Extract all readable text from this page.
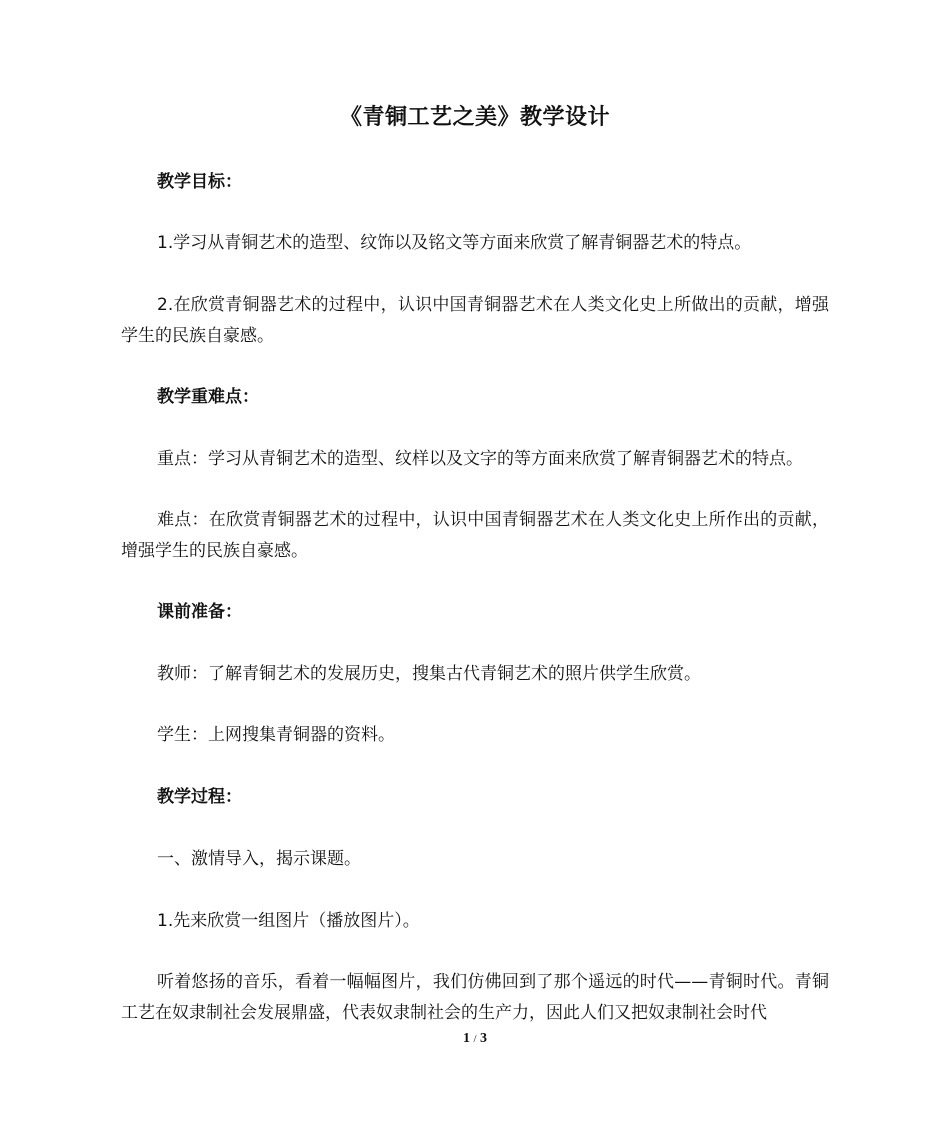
《青铜工艺之美》教学设计

教学目标：

1.学习从青铜艺术的造型、纹饰以及铭文等方面来欣赏了解青铜器艺术的特点。

2.在欣赏青铜器艺术的过程中，认识中国青铜器艺术在人类文化史上所做出的贡献，增强学生的民族自豪感。

教学重难点：

重点：学习从青铜艺术的造型、纹样以及文字的等方面来欣赏了解青铜器艺术的特点。

难点：在欣赏青铜器艺术的过程中，认识中国青铜器艺术在人类文化史上所作出的贡献，增强学生的民族自豪感。

课前准备：

教师：了解青铜艺术的发展历史，搜集古代青铜艺术的照片供学生欣赏。

学生：上网搜集青铜器的资料。

教学过程：

一、激情导入，揭示课题。

1.先来欣赏一组图片（播放图片）。

听着悠扬的音乐，看着一幅幅图片，我们仿佛回到了那个遥远的时代——青铜时代。青铜工艺在奴隶制社会发展鼎盛，代表奴隶制社会的生产力，因此人们又把奴隶制社会时代

1 / 3
